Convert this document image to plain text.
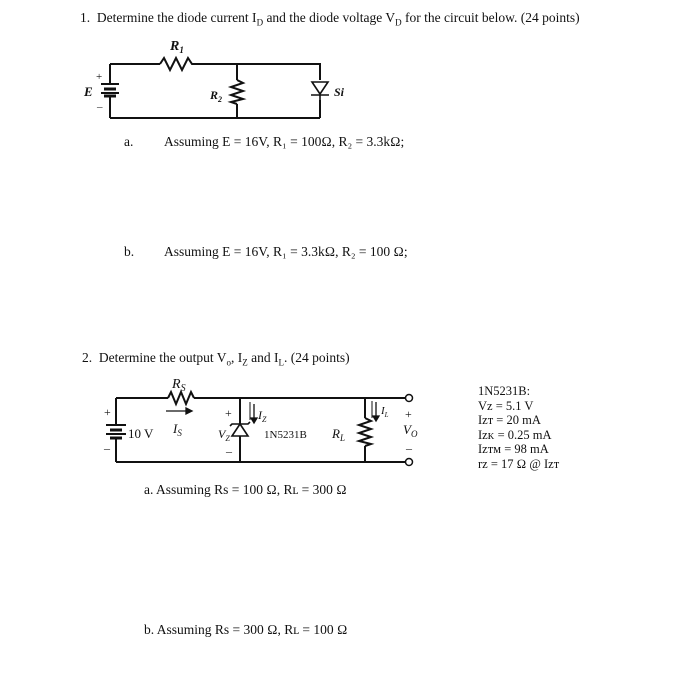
1. Determine the diode current $I_D$ and the diode voltage $V_D$ for the circuit below. (24 points)
$R_1$
$R_2$
E
+
–
Si
a. Assuming E = 16V, R₁ = 100Ω, R₂ = 3.3kΩ;
b. Assuming E = 16V, R₁ = 3.3kΩ, R₂ = 100 Ω;
2. Determine the output $V_o$, $I_Z$ and $I_L$. (24 points)
$R_S$
10 V
+
–
$I_S$
$I_Z$
+
$V_Z$
–
1N5231B $R_L$
$I_L$ +
$V_O$
–
1N5231B:
Vᴢ = 5.1 V
Iᴢᴛ = 20 mA
Iᴢᴋ = 0.25 mA
Iᴢᴛᴍ = 98 mA
rᴢ = 17 Ω @ Iᴢᴛ
a. Assuming Rs = 100 Ω, Rʟ = 300 Ω
b. Assuming Rs = 300 Ω, Rʟ = 100 Ω
